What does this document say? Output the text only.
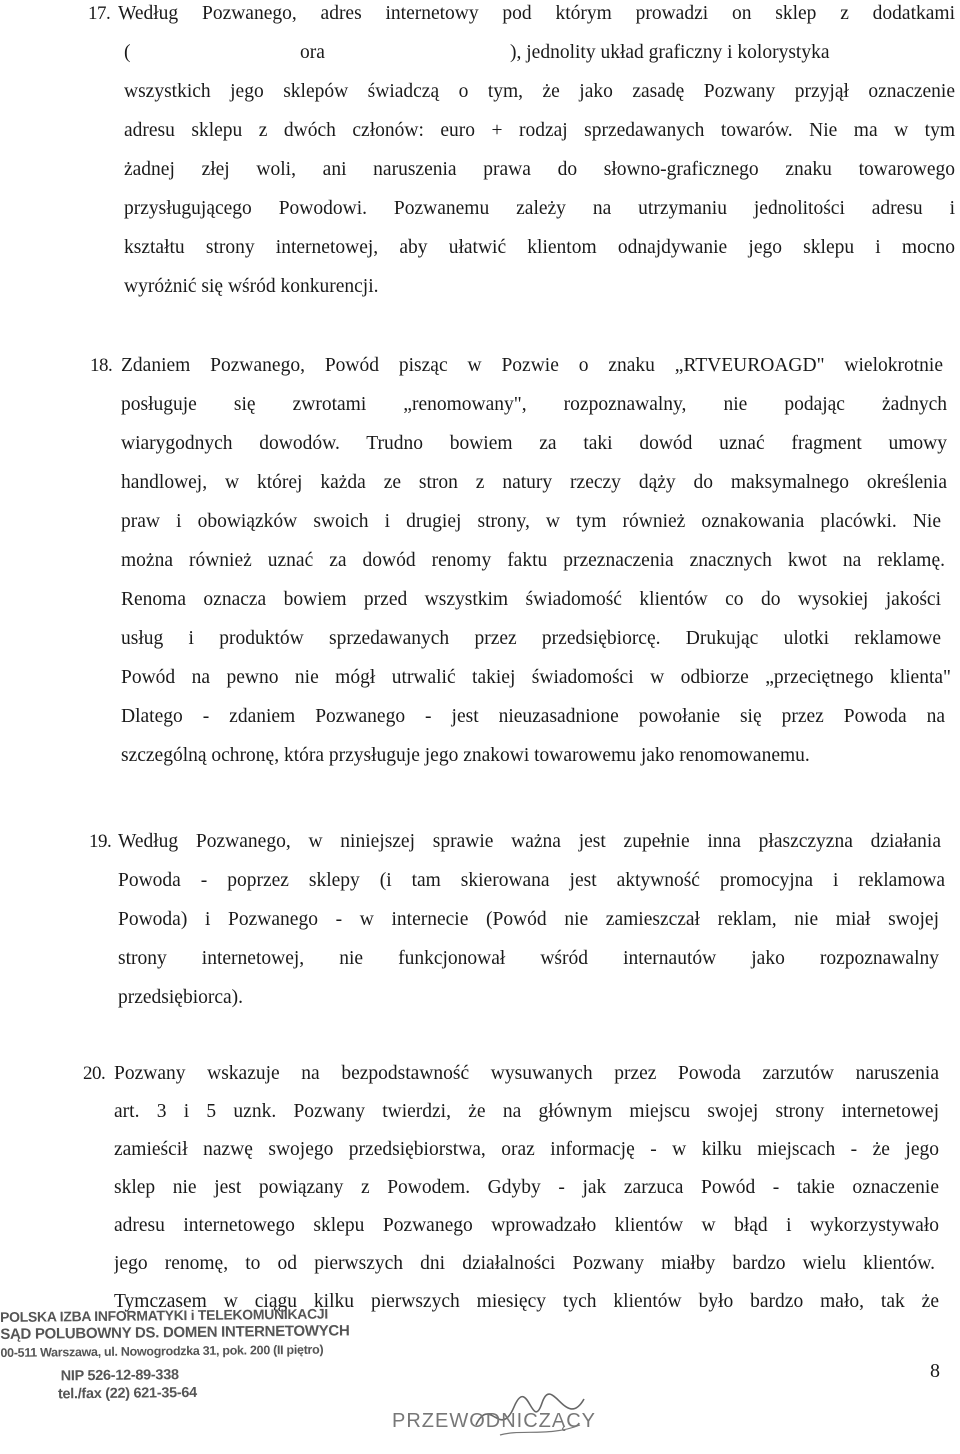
17. Według Pozwanego, adres internetowy pod którym prowadzi on sklep z dodatkami
(	ora	), jednolity układ graficzny i kolorystyka
wszystkich jego sklepów świadczą o tym, że jako zasadę Pozwany przyjął oznaczenie
adresu sklepu z dwóch członów: euro + rodzaj sprzedawanych towarów. Nie ma w tym
żadnej złej woli, ani naruszenia prawa do słowno-graficznego znaku towarowego
przysługującego Powodowi. Pozwanemu zależy na utrzymaniu jednolitości adresu i
kształtu strony internetowej, aby ułatwić klientom odnajdywanie jego sklepu i mocno
wyróżnić się wśród konkurencji.
18. Zdaniem Pozwanego, Powód pisząc w Pozwie o znaku „RTVEUROAGD" wielokrotnie
posługuje się zwrotami „renomowany", rozpoznawalny, nie podając żadnych
wiarygodnych dowodów. Trudno bowiem za taki dowód uznać fragment umowy
handlowej, w której każda ze stron z natury rzeczy dąży do maksymalnego określenia
praw i obowiązków swoich i drugiej strony, w tym również oznakowania placówki. Nie
można również uznać za dowód renomy faktu przeznaczenia znacznych kwot na reklamę.
Renoma oznacza bowiem przed wszystkim świadomość klientów co do wysokiej jakości
usług i produktów sprzedawanych przez przedsiębiorcę. Drukując ulotki reklamowe
Powód na pewno nie mógł utrwalić takiej świadomości w odbiorze „przeciętnego klienta"
Dlatego - zdaniem Pozwanego - jest nieuzasadnione powołanie się przez Powoda na
szczególną ochronę, która przysługuje jego znakowi towarowemu jako renomowanemu.
19. Według Pozwanego, w niniejszej sprawie ważna jest zupełnie inna płaszczyzna działania
Powoda - poprzez sklepy (i tam skierowana jest aktywność promocyjna i reklamowa
Powoda) i Pozwanego - w internecie (Powód nie zamieszczał reklam, nie miał swojej
strony internetowej, nie funkcjonował wśród internautów jako rozpoznawalny
przedsiębiorca).
20. Pozwany wskazuje na bezpodstawność wysuwanych przez Powoda zarzutów naruszenia
art. 3 i 5 uznk. Pozwany twierdzi, że na głównym miejscu swojej strony internetowej
zamieścił nazwę swojego przedsiębiorstwa, oraz informację - w kilku miejscach - że jego
sklep nie jest powiązany z Powodem. Gdyby - jak zarzuca Powód - takie oznaczenie
adresu internetowego sklepu Pozwanego wprowadzało klientów w błąd i wykorzystywało
jego renomę, to od pierwszych dni działalności Pozwany miałby bardzo wielu klientów.
Tymczasem w ciągu kilku pierwszych miesięcy tych klientów było bardzo mało, tak że
POLSKA IZBA INFORMATYKI i TELEKOMUNIKACJI
SĄD POLUBOWNY DS. DOMEN INTERNETOWYCH
00-511 Warszawa, ul. Nowogrodzka 31, pok. 200 (II piętro)
NIP 526-12-89-338
tel./fax (22) 621-35-64
PRZEWODNICZĄCY
8
